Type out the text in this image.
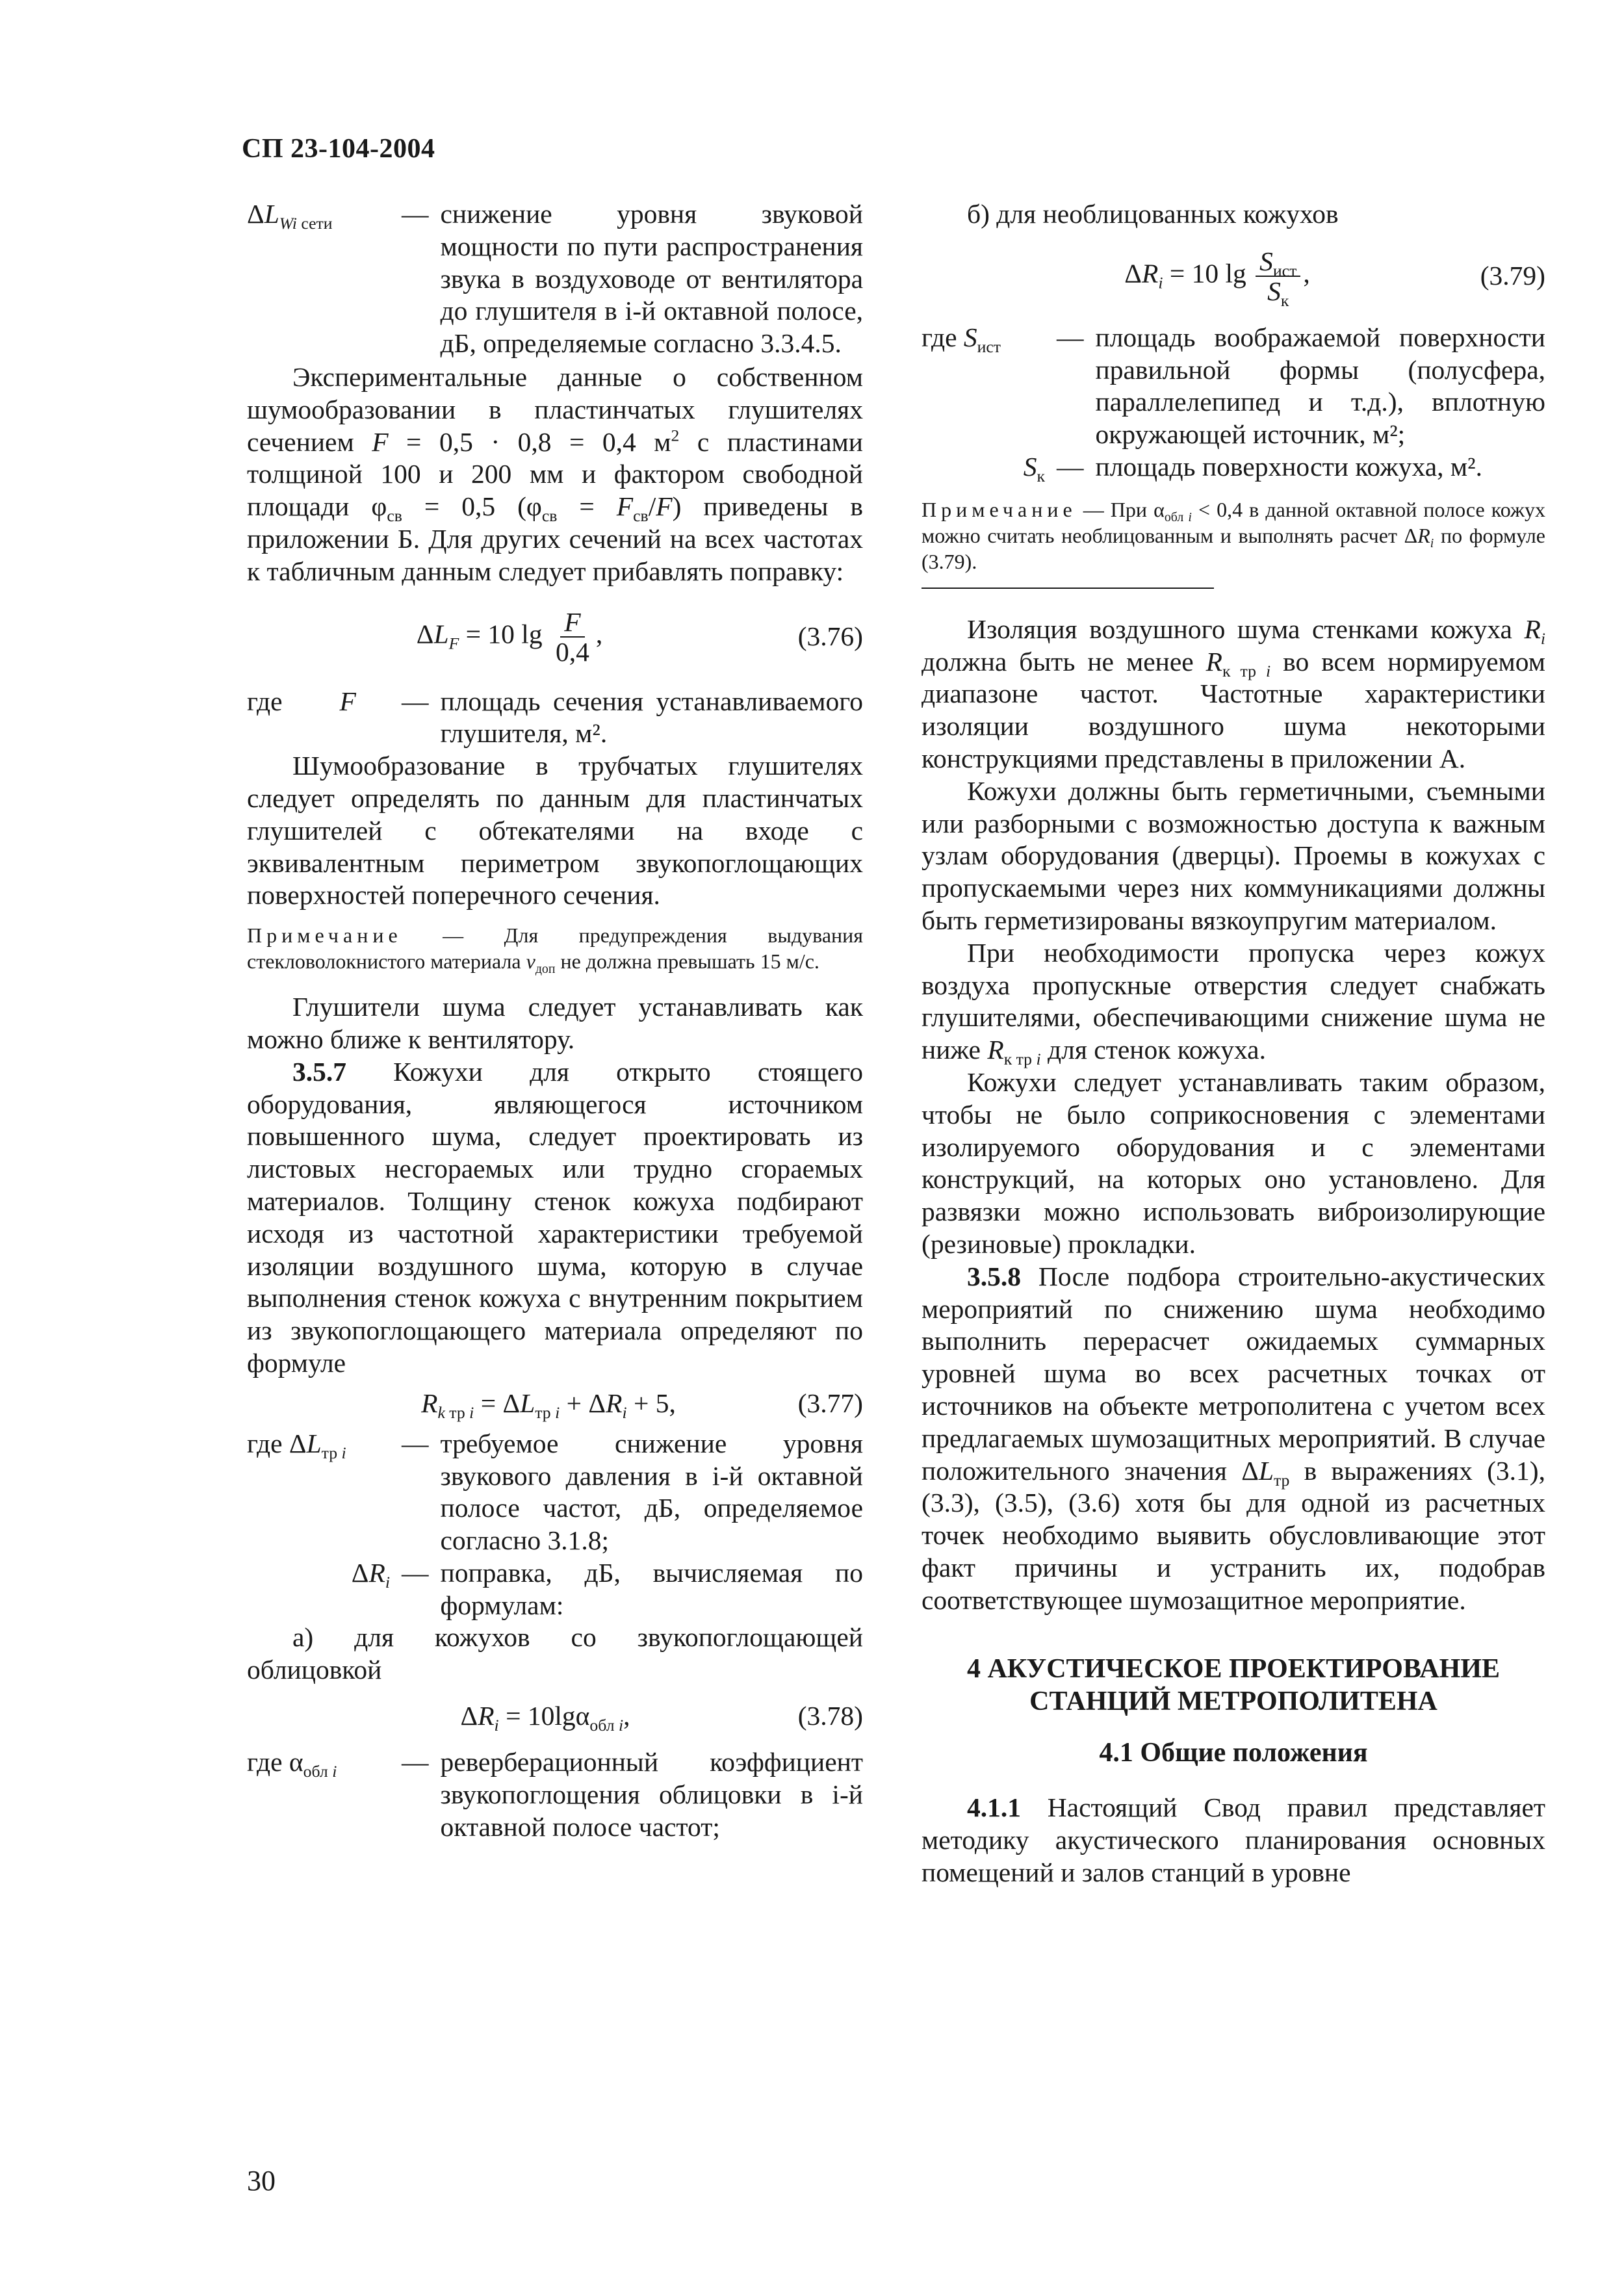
СП 23-104-2004
$\Delta L_{Wi сети}$	— снижение уровня звуковой мощности по пути распространения звука в воздуховоде от вентилятора до глушителя в i-й октавной полосе, дБ, определяемые согласно 3.3.4.5.

Экспериментальные данные о собственном шумообразовании в пластинчатых глушителях сечением F = 0,5 · 0,8 = 0,4 $м^2$ с пластинами толщиной 100 и 200 мм и фактором свободной площади $\varphi_{св} = 0,5$ $(\varphi_{св} = F_{св}/F)$ приведены в приложении Б. Для других сечений на всех частотах к табличным данным следует прибавлять поправку:

$\Delta L_F = 10$ $\lg \frac{F}{0,4}$ ,	(3.76)
где F	— площадь сечения устанавливаемого глушителя, м².

Шумообразование в трубчатых глушителях следует определять по данным для пластинчатых глушителей с обтекателями на входе с эквивалентным периметром звукопоглощающих поверхностей поперечного сечения.

Примечание — Для предупреждения выдувания стекловолокнистого материала $v_{доп}$ не должна превышать 15 м/с.

Глушители шума следует устанавливать как можно ближе к вентилятору.

3.5.7 Кожухи для открыто стоящего оборудования, являющегося источником повышенного шума, следует проектировать из листовых несгораемых или трудно сгораемых материалов. Толщину стенок кожуха подбирают исходя из частотной характеристики требуемой изоляции воздушного шума, которую в случае выполнения стенок кожуха с внутренним покрытием из звукопоглощающего материала определяют по формуле

$R_{k тр i} = \Delta L_{тр i} + \Delta R_i + 5$,	(3.77)
где $\Delta L_{тр i}$	— требуемое снижение уровня звукового давления в i-й октавной полосе частот, дБ, определяемое согласно 3.1.8;
$\Delta R_i$ — поправка, дБ, вычисляемая по формулам:

а) для кожухов со звукопоглощающей облицовкой

$\Delta R_i = 10\lg\alpha_{обл i}$,	(3.78)
где $\alpha_{обл i}$	— реверберационный коэффициент звукопоглощения облицовки в i-й октавной полосе частот;

б) для необлицованных кожухов

$\Delta R_i = 10$ $\lg \frac{S_{ист}}{S_к}$ ,	(3.79)
где $S_{ист}$	— площадь воображаемой поверхности правильной формы (полусфера, параллелепипед и т.д.), вплотную окружающей источник, м²;
$S_к$ — площадь поверхности кожуха, м².

Примечание — При $\alpha_{обл i} < 0,4$ в данной октавной полосе кожух можно считать необлицованным и выполнять расчет $\Delta R_i$ по формуле (3.79).

Изоляция воздушного шума стенками кожуха $R_i$ должна быть не менее $R_{к тр i}$ во всем нормируемом диапазоне частот. Частотные характеристики изоляции воздушного шума некоторыми конструкциями представлены в приложении А.

Кожухи должны быть герметичными, съемными или разборными с возможностью доступа к важным узлам оборудования (дверцы). Проемы в кожухах с пропускаемыми через них коммуникациями должны быть герметизированы вязкоупругим материалом.

При необходимости пропуска через кожух воздуха пропускные отверстия следует снабжать глушителями, обеспечивающими снижение шума не ниже $R_{к тр i}$ для стенок кожуха.

Кожухи следует устанавливать таким образом, чтобы не было соприкосновения с элементами изолируемого оборудования и с элементами конструкций, на которых оно установлено. Для развязки можно использовать виброизолирующие (резиновые) прокладки.

3.5.8 После подбора строительно-акустических мероприятий по снижению шума необходимо выполнить перерасчет ожидаемых суммарных уровней шума во всех расчетных точках от источников на объекте метрополитена с учетом всех предлагаемых шумозащитных мероприятий. В случае положительного значения $\Delta L_{тр}$ в выражениях (3.1), (3.3), (3.5), (3.6) хотя бы для одной из расчетных точек необходимо выявить обусловливающие этот факт причины и устранить их, подобрав соответствующее шумозащитное мероприятие.

4 АКУСТИЧЕСКОЕ ПРОЕКТИРОВАНИЕ

СТАНЦИЙ МЕТРОПОЛИТЕНА

4.1 Общие положения

4.1.1 Настоящий Свод правил представляет методику акустического планирования основных помещений и залов станций в уровне

30
